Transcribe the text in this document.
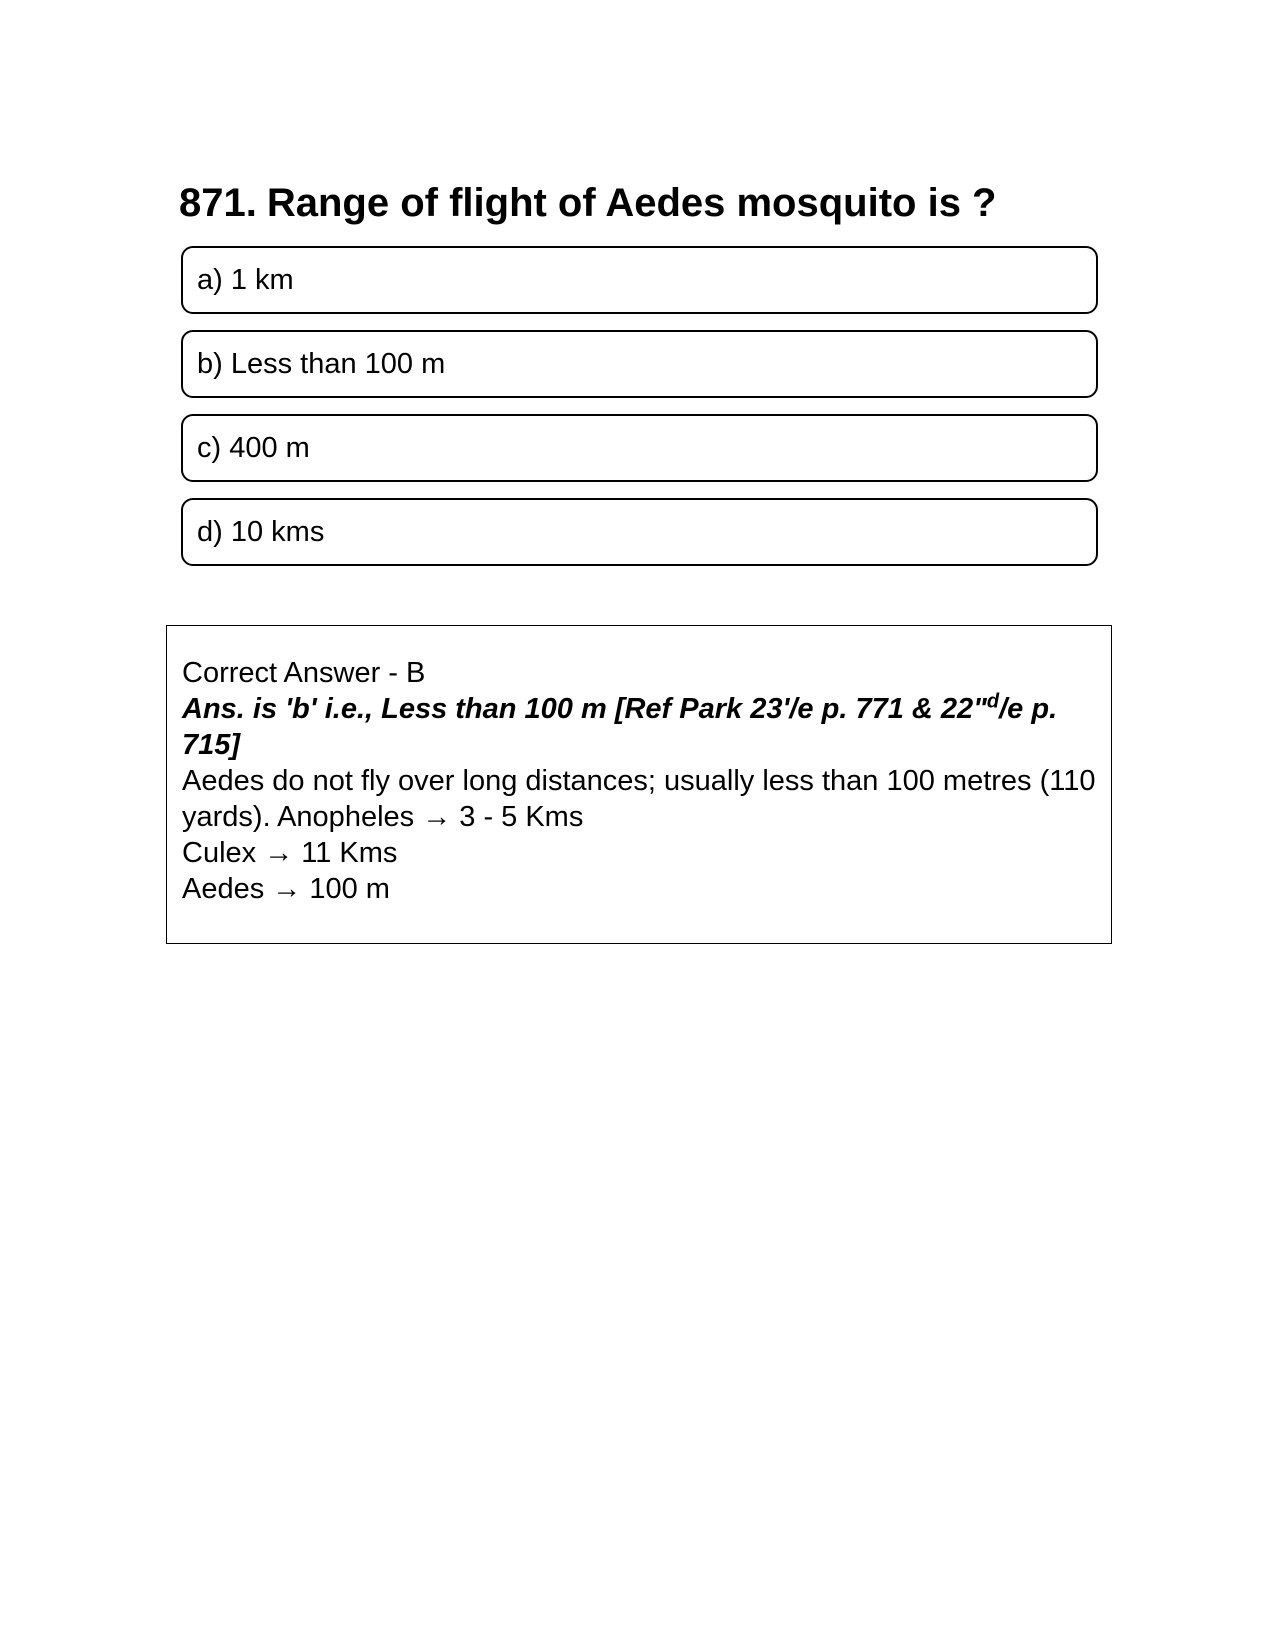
871. Range of flight of Aedes mosquito is ?
a) 1 km
b) Less than 100 m
c) 400 m
d) 10 kms
Correct Answer - B
Ans. is 'b' i.e., Less than 100 m [Ref Park 23'/e p. 771 & 22"$^d$/e p. 715]
Aedes do not fly over long distances; usually less than 100 metres (110 yards). Anopheles → 3 - 5 Kms
Culex → 11 Kms
Aedes → 100 m
